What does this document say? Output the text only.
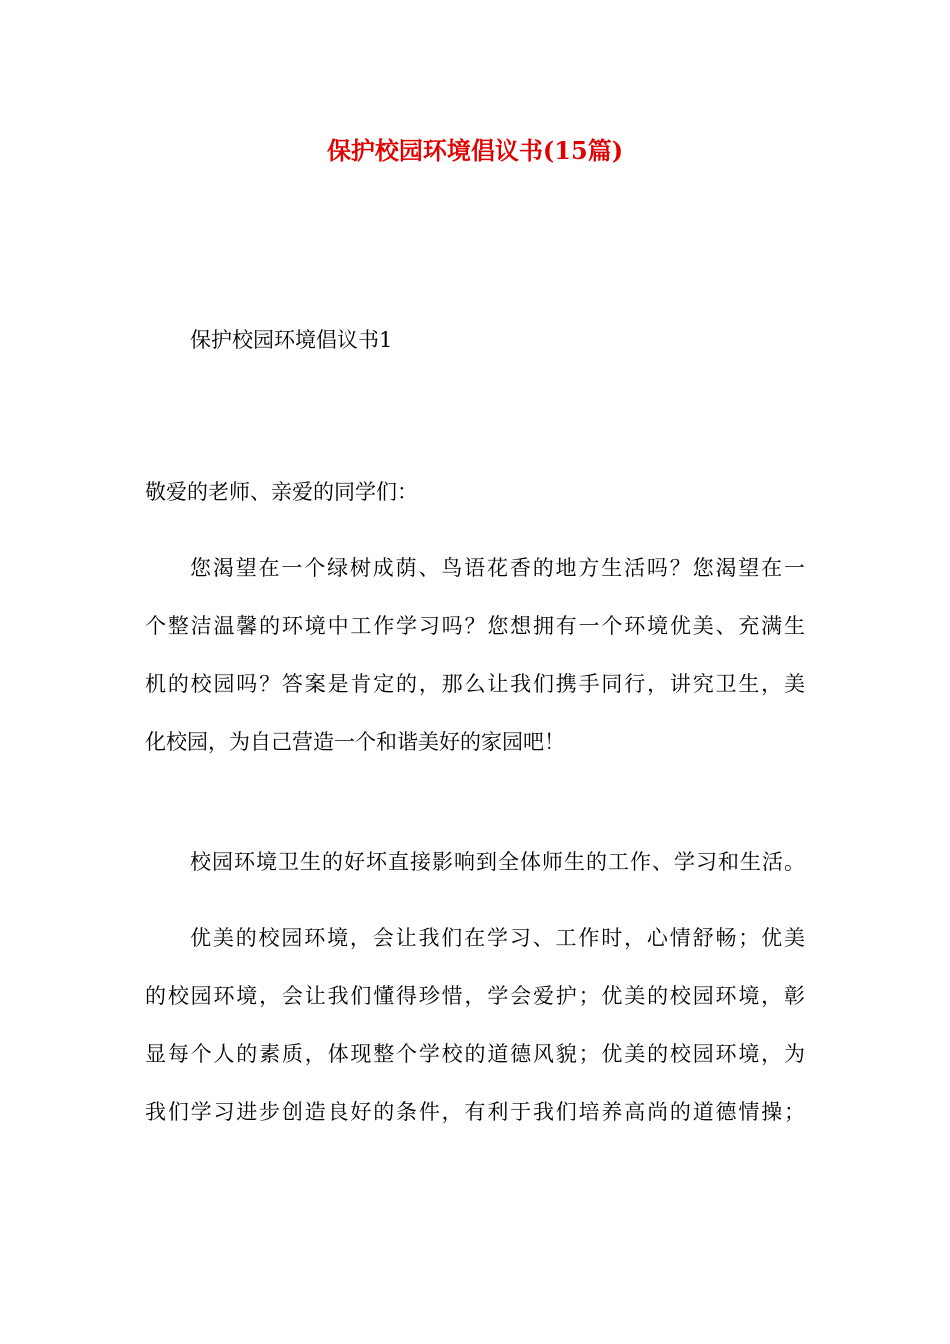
保护校园环境倡议书(15篇)

保护校园环境倡议书1

敬爱的老师、亲爱的同学们：

您渴望在一个绿树成荫、鸟语花香的地方生活吗？您渴望在一
个整洁温馨的环境中工作学习吗？您想拥有一个环境优美、充满生
机的校园吗？答案是肯定的，那么让我们携手同行，讲究卫生，美
化校园，为自己营造一个和谐美好的家园吧！
校园环境卫生的好坏直接影响到全体师生的工作、学习和生活。
优美的校园环境，会让我们在学习、工作时，心情舒畅；优美
的校园环境，会让我们懂得珍惜，学会爱护；优美的校园环境，彰
显每个人的素质，体现整个学校的道德风貌；优美的校园环境，为
我们学习进步创造良好的条件，有利于我们培养高尚的道德情操；
